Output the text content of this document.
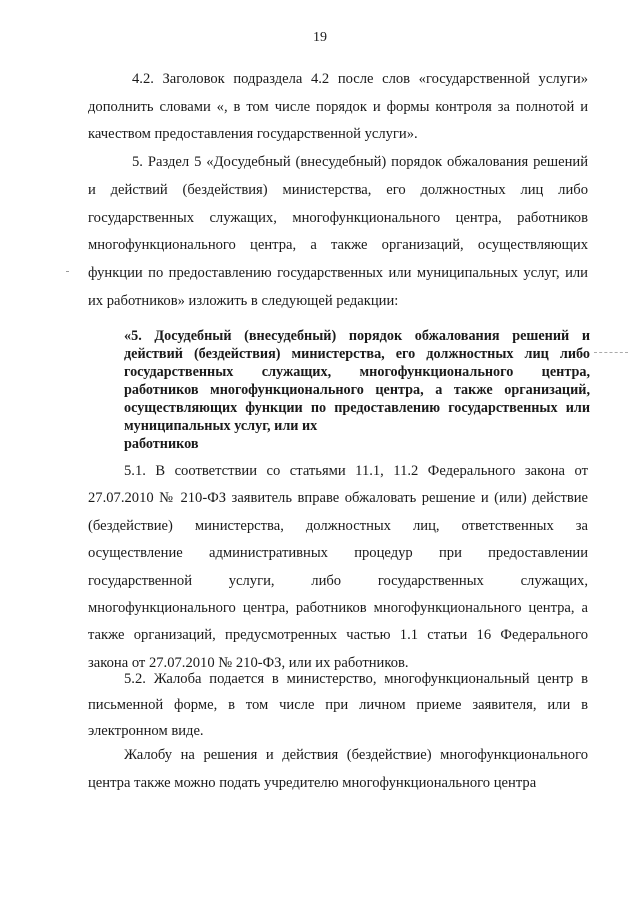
19

4.2. Заголовок подраздела 4.2 после слов «государственной услуги» дополнить словами «, в том числе порядок и формы контроля за полнотой и качеством предоставления государственной услуги».

5. Раздел 5 «Досудебный (внесудебный) порядок обжалования решений и действий (бездействия) министерства, его должностных лиц либо государственных служащих, многофункционального центра, работников многофункционального центра, а также организаций, осуществляющих функции по предоставлению государственных или муниципальных услуг, или их работников» изложить в следующей редакции:

«5. Досудебный (внесудебный) порядок обжалования решений и действий (бездействия) министерства, его должностных лиц либо государственных служащих, многофункционального центра, работников многофункционального центра, а также организаций, осуществляющих функции по предоставлению государственных или муниципальных услуг, или их
работников

5.1. В соответствии со статьями 11.1, 11.2 Федерального закона от 27.07.2010 № 210-ФЗ заявитель вправе обжаловать решение и (или) действие (бездействие) министерства, должностных лиц, ответственных за осуществление административных процедур при предоставлении государственной услуги, либо государственных служащих, многофункционального центра, работников многофункционального центра, а также организаций, предусмотренных частью 1.1 статьи 16 Федерального закона от 27.07.2010 № 210-ФЗ, или их работников.

5.2. Жалоба подается в министерство, многофункциональный центр в письменной форме, в том числе при личном приеме заявителя, или в электронном виде.

Жалобу на решения и действия (бездействие) многофункционального центра также можно подать учредителю многофункционального центра
